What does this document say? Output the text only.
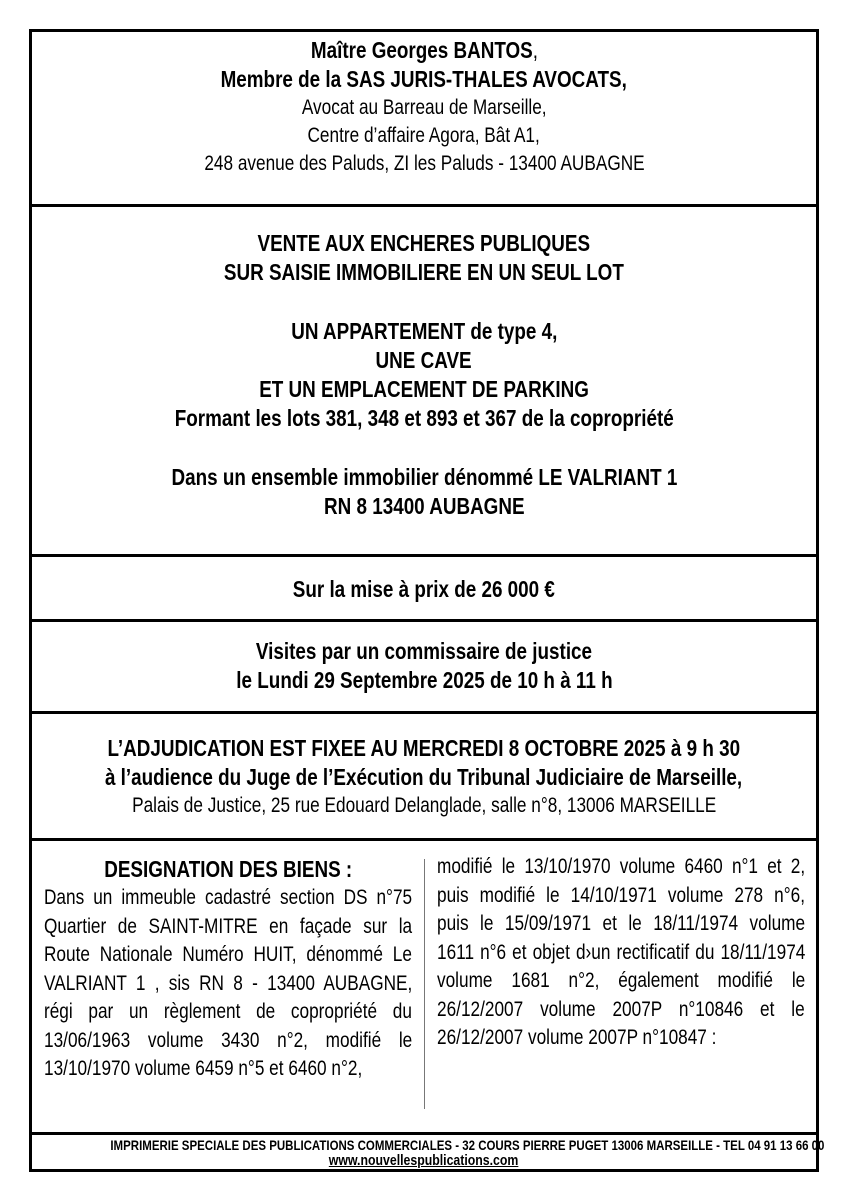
Maître Georges BANTOS,
Membre de la SAS JURIS-THALES AVOCATS,
Avocat au Barreau de Marseille,
Centre d’affaire Agora, Bât A1,
248 avenue des Paluds, ZI les Paluds - 13400 AUBAGNE
VENTE AUX ENCHERES PUBLIQUES
SUR SAISIE IMMOBILIERE EN UN SEUL LOT
UN APPARTEMENT de type 4,
UNE CAVE
ET UN EMPLACEMENT DE PARKING
Formant les lots 381, 348 et 893 et 367 de la copropriété
Dans un ensemble immobilier dénommé LE VALRIANT 1
RN 8 13400 AUBAGNE
Sur la mise à prix de 26 000 €
Visites par un commissaire de justice
le Lundi 29 Septembre 2025 de 10 h à 11 h
L’ADJUDICATION EST FIXEE AU MERCREDI 8 OCTOBRE 2025 à 9 h 30
à l’audience du Juge de l’Exécution du Tribunal Judiciaire de Marseille,
Palais de Justice, 25 rue Edouard Delanglade, salle n°8, 13006 MARSEILLE
DESIGNATION DES BIENS :
Dans un immeuble cadastré section DS n°75
Quartier de SAINT-MITRE en façade sur la
Route Nationale Numéro HUIT, dénommé Le
VALRIANT 1 , sis RN 8 - 13400 AUBAGNE,
régi par un règlement de copropriété du
13/06/1963 volume 3430 n°2, modifié le
13/10/1970 volume 6459 n°5 et 6460 n°2,
modifié le 13/10/1970 volume 6460 n°1 et 2,
puis modifié le 14/10/1971 volume 278 n°6,
puis le 15/09/1971 et le 18/11/1974 volume
1611 n°6 et objet d›un rectificatif du 18/11/1974
volume 1681 n°2, également modifié le
26/12/2007 volume 2007P n°10846 et le
26/12/2007 volume 2007P n°10847 :
IMPRIMERIE SPECIALE DES PUBLICATIONS COMMERCIALES - 32 COURS PIERRE PUGET 13006 MARSEILLE - TEL 04 91 13 66 00
www.nouvellespublications.com
